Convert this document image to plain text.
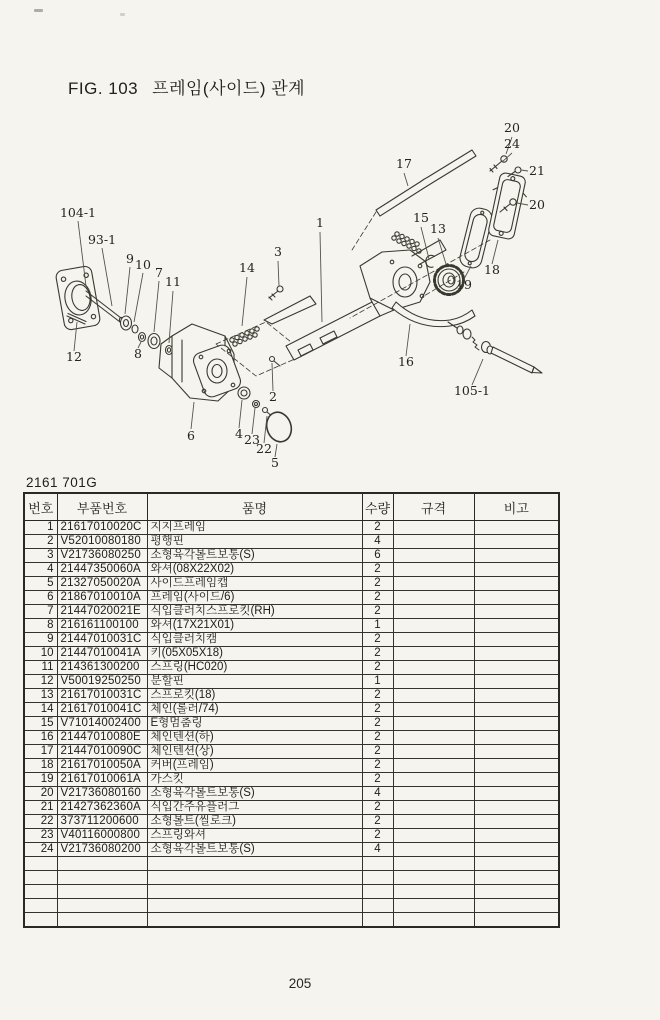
FIG. 103 프레임(사이드) 관계
104-1
93-1
9 10
7
11
12	8
6	4 23
22
5
2
3
14
1
17
15
13
20
24
21
20
18
19
16
105-1
2161 701G
번호	부품번호	품명	수량	규격	비고
1	21617010020C	지지프레임	2		
2	V52010080180	평행핀	4		
3	V21736080250	소형육각볼트보통(S)	6		
4	21447350060A	와셔(08X22X02)	2		
5	21327050020A	사이드프레임캡	2		
6	21867010010A	프레임(사이드/6)	2		
7	21447020021E	식입클러치스프로킷(RH)	2		
8	216161100100	와셔(17X21X01)	1		
9	21447010031C	식입클러치캠	2		
10	21447010041A	키(05X05X18)	2		
11	214361300200	스프링(HC020)	2		
12	V50019250250	분할핀	1		
13	21617010031C	스프로킷(18)	2		
14	21617010041C	체인(롤러/74)	2		
15	V71014002400	E형멈춤링	2		
16	21447010080E	체인텐션(하)	2		
17	21447010090C	체인텐션(상)	2		
18	21617010050A	커버(프레임)	2		
19	21617010061A	가스킷	2		
20	V21736080160	소형육각볼트보통(S)	4		
21	21427362360A	식입간주유플러그	2		
22	373711200600	소형볼트(씰로크)	2		
23	V40116000800	스프링와셔	2		
24	V21736080200	소형육각볼트보통(S)	4		

205
